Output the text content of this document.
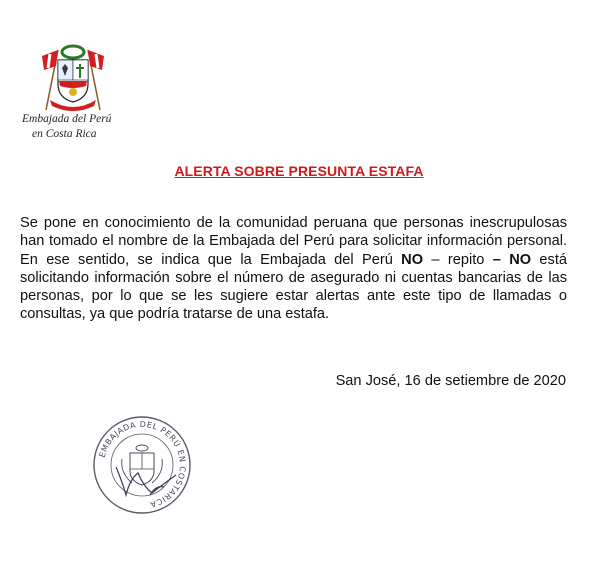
Embajada del Perú
en Costa Rica
ALERTA SOBRE PRESUNTA ESTAFA
Se pone en conocimiento de la comunidad peruana que personas inescrupulosas han tomado el nombre de la Embajada del Perú para solicitar información personal. En ese sentido, se indica que la Embajada del Perú NO – repito – NO está solicitando información sobre el número de asegurado ni cuentas bancarias de las personas, por lo que se les sugiere estar alertas ante este tipo de llamadas o consultas, ya que podría tratarse de una estafa.
San José, 16 de setiembre de 2020
EMBAJADA DEL PERÚ EN COSTARICA
